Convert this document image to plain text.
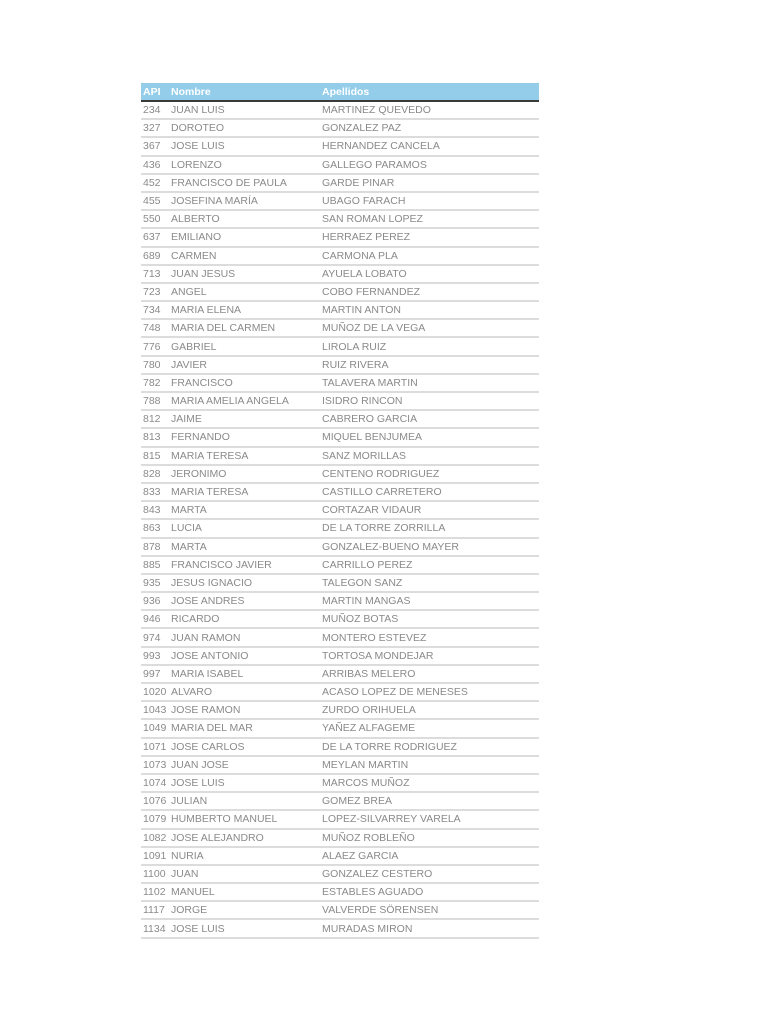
API	Nombre	Apellidos
234	JUAN LUIS	MARTINEZ QUEVEDO
327	DOROTEO	GONZALEZ PAZ
367	JOSE LUIS	HERNANDEZ CANCELA
436	LORENZO	GALLEGO PARAMOS
452	FRANCISCO DE PAULA	GARDE PINAR
455	JOSEFINA MARÍA	UBAGO FARACH
550	ALBERTO	SAN ROMAN LOPEZ
637	EMILIANO	HERRAEZ PEREZ
689	CARMEN	CARMONA PLA
713	JUAN JESUS	AYUELA LOBATO
723	ANGEL	COBO FERNANDEZ
734	MARIA ELENA	MARTIN ANTON
748	MARIA DEL CARMEN	MUÑOZ DE LA VEGA
776	GABRIEL	LIROLA RUIZ
780	JAVIER	RUIZ RIVERA
782	FRANCISCO	TALAVERA MARTIN
788	MARIA AMELIA ANGELA	ISIDRO RINCON
812	JAIME	CABRERO GARCIA
813	FERNANDO	MIQUEL BENJUMEA
815	MARIA TERESA	SANZ MORILLAS
828	JERONIMO	CENTENO RODRIGUEZ
833	MARIA TERESA	CASTILLO CARRETERO
843	MARTA	CORTAZAR VIDAUR
863	LUCIA	DE LA TORRE ZORRILLA
878	MARTA	GONZALEZ-BUENO MAYER
885	FRANCISCO JAVIER	CARRILLO PEREZ
935	JESUS IGNACIO	TALEGON SANZ
936	JOSE ANDRES	MARTIN MANGAS
946	RICARDO	MUÑOZ BOTAS
974	JUAN RAMON	MONTERO ESTEVEZ
993	JOSE ANTONIO	TORTOSA MONDEJAR
997	MARIA ISABEL	ARRIBAS MELERO
1020	ALVARO	ACASO LOPEZ DE MENESES
1043	JOSE RAMON	ZURDO ORIHUELA
1049	MARIA DEL MAR	YAÑEZ ALFAGEME
1071	JOSE CARLOS	DE LA TORRE RODRIGUEZ
1073	JUAN JOSE	MEYLAN MARTIN
1074	JOSE LUIS	MARCOS MUÑOZ
1076	JULIAN	GOMEZ BREA
1079	HUMBERTO MANUEL	LOPEZ-SILVARREY VARELA
1082	JOSE ALEJANDRO	MUÑOZ ROBLEÑO
1091	NURIA	ALAEZ GARCIA
1100	JUAN	GONZALEZ CESTERO
1102	MANUEL	ESTABLES AGUADO
1117	JORGE	VALVERDE SÖRENSEN
1134	JOSE LUIS	MURADAS MIRON
